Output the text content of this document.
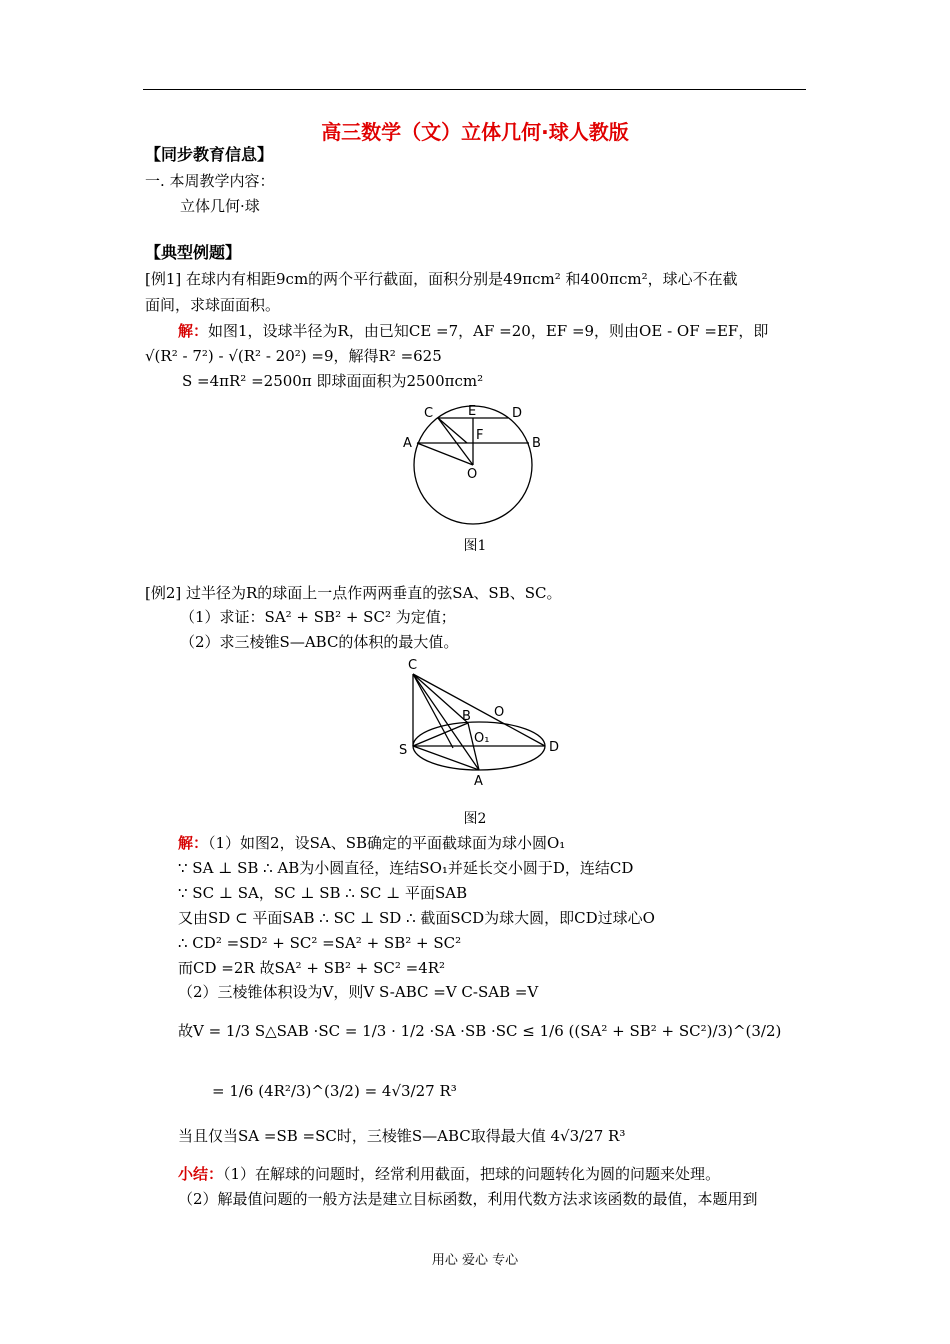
高三数学（文）立体几何·球人教版
【同步教育信息】
一. 本周教学内容：
立体几何·球
【典型例题】
[例1] 在球内有相距9cm的两个平行截面，面积分别是49πcm² 和400πcm²，球心不在截
面间，求球面面积。
解：如图1，设球半径为R，由已知CE =7，AF =20，EF =9，则由OE - OF =EF，即
√(R² - 7²) - √(R² - 20²) =9，解得R² =625
S =4πR² =2500π 即球面面积为2500πcm²
C	E	D
A
F
B
O
图1
[例2] 过半径为R的球面上一点作两两垂直的弦SA、SB、SC。
（1）求证：SA² + SB² + SC² 为定值；
（2）求三棱锥S—ABC的体积的最大值。
C
B O
O₁
S	D
A
图2
解：（1）如图2，设SA、SB确定的平面截球面为球小圆O₁
∵ SA ⊥ SB ∴ AB为小圆直径，连结SO₁并延长交小圆于D，连结CD
∵ SC ⊥ SA，SC ⊥ SB ∴ SC ⊥ 平面SAB
又由SD ⊂ 平面SAB ∴ SC ⊥ SD ∴ 截面SCD为球大圆，即CD过球心O
∴ CD² =SD² + SC² =SA² + SB² + SC²
而CD =2R 故SA² + SB² + SC² =4R²
（2）三棱锥体积设为V，则V S-ABC =V C-SAB =V
故V = 1/3 S△SAB ·SC = 1/3 · 1/2 ·SA ·SB ·SC ≤ 1/6 ((SA² + SB² + SC²)/3)^(3/2)
= 1/6 (4R²/3)^(3/2) = 4√3/27 R³
当且仅当SA =SB =SC时，三棱锥S—ABC取得最大值 4√3/27 R³
小结：（1）在解球的问题时，经常利用截面，把球的问题转化为圆的问题来处理。
（2）解最值问题的一般方法是建立目标函数，利用代数方法求该函数的最值，本题用到
用心 爱心 专心
